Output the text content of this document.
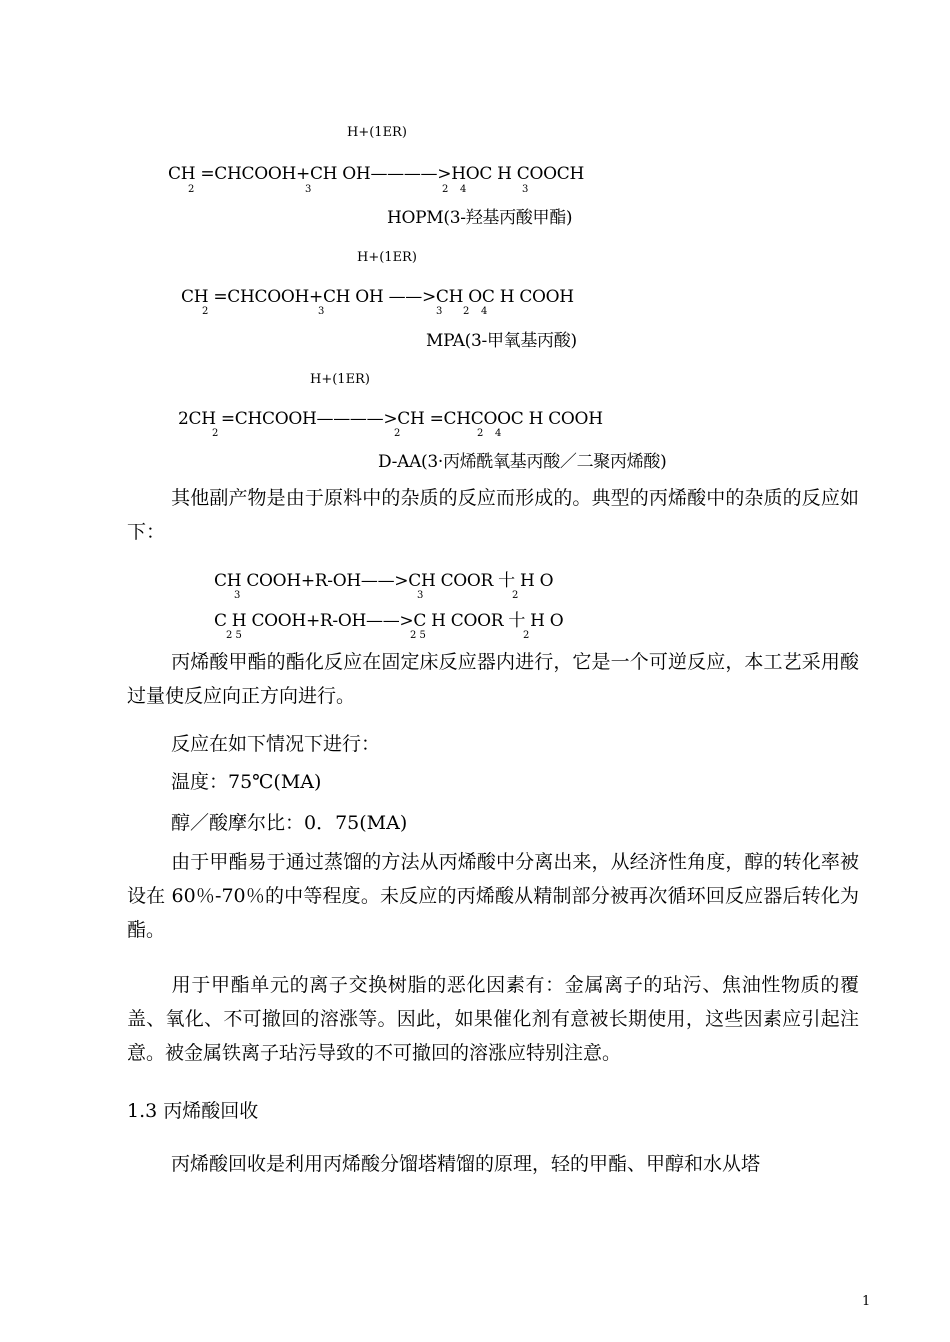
H+(1ER)
CH =CHCOOH+CH OH————>HOC H COOCH
2	3	2 4	3
HOPM(3-羟基丙酸甲酯)
H+(1ER)
CH =CHCOOH+CH OH ——>CH OC H COOH
2	3	3 2 4
MPA(3-甲氧基丙酸)
H+(1ER)
2CH =CHCOOH————>CH =CHCOOC H COOH
2	2	2 4
D-AA(3·丙烯酰氧基丙酸／二聚丙烯酸)
其他副产物是由于原料中的杂质的反应而形成的。典型的丙烯酸中的杂质的反应如下：
CH COOH+R-OH——>CH COOR 十 H O
3	3	2
C H COOH+R-OH——>C H COOR 十 H O
2 5	2 5	2
丙烯酸甲酯的酯化反应在固定床反应器内进行，它是一个可逆反应，本工艺采用酸过量使反应向正方向进行。
反应在如下情况下进行：
温度：75℃(MA)
醇／酸摩尔比：0．75(MA)
由于甲酯易于通过蒸馏的方法从丙烯酸中分离出来，从经济性角度，醇的转化率被设在 60％-70％的中等程度。未反应的丙烯酸从精制部分被再次循环回反应器后转化为酯。
用于甲酯单元的离子交换树脂的恶化因素有：金属离子的玷污、焦油性物质的覆盖、氧化、不可撤回的溶涨等。因此，如果催化剂有意被长期使用，这些因素应引起注意。被金属铁离子玷污导致的不可撤回的溶涨应特别注意。
1.3 丙烯酸回收
丙烯酸回收是利用丙烯酸分馏塔精馏的原理，轻的甲酯、甲醇和水从塔
1
